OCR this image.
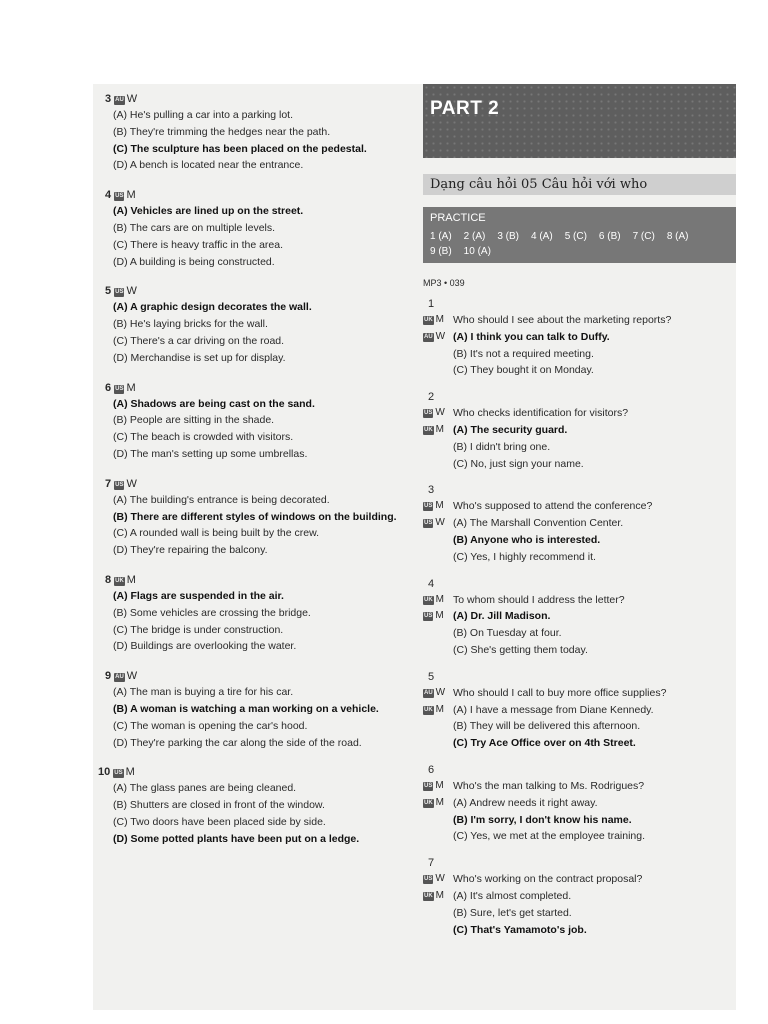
3 AU W
(A) He's pulling a car into a parking lot.
(B) They're trimming the hedges near the path.
(C) The sculpture has been placed on the pedestal.
(D) A bench is located near the entrance.
4 US M
(A) Vehicles are lined up on the street.
(B) The cars are on multiple levels.
(C) There is heavy traffic in the area.
(D) A building is being constructed.
5 US W
(A) A graphic design decorates the wall.
(B) He's laying bricks for the wall.
(C) There's a car driving on the road.
(D) Merchandise is set up for display.
6 US M
(A) Shadows are being cast on the sand.
(B) People are sitting in the shade.
(C) The beach is crowded with visitors.
(D) The man's setting up some umbrellas.
7 US W
(A) The building's entrance is being decorated.
(B) There are different styles of windows on the building.
(C) A rounded wall is being built by the crew.
(D) They're repairing the balcony.
8 UK M
(A) Flags are suspended in the air.
(B) Some vehicles are crossing the bridge.
(C) The bridge is under construction.
(D) Buildings are overlooking the water.
9 AU W
(A) The man is buying a tire for his car.
(B) A woman is watching a man working on a vehicle.
(C) The woman is opening the car's hood.
(D) They're parking the car along the side of the road.
10 US M
(A) The glass panes are being cleaned.
(B) Shutters are closed in front of the window.
(C) Two doors have been placed side by side.
(D) Some potted plants have been put on a ledge.
PART 2
Dạng câu hỏi 05 Câu hỏi với who
PRACTICE
1 (A) 2 (A) 3 (B) 4 (A) 5 (C) 6 (B) 7 (C) 8 (A)9 (B) 10 (A)
MP3 • 039
1
UK M Who should I see about the marketing reports?
AU W (A) I think you can talk to Duffy.
(B) It's not a required meeting.
(C) They bought it on Monday.
2
US W Who checks identification for visitors?
UK M (A) The security guard.
(B) I didn't bring one.
(C) No, just sign your name.
3
US M Who's supposed to attend the conference?
US W (A) The Marshall Convention Center.
(B) Anyone who is interested.
(C) Yes, I highly recommend it.
4
UK M To whom should I address the letter?
US M (A) Dr. Jill Madison.
(B) On Tuesday at four.
(C) She's getting them today.
5
AU W Who should I call to buy more office supplies?
UK M (A) I have a message from Diane Kennedy.
(B) They will be delivered this afternoon.
(C) Try Ace Office over on 4th Street.
6
US M Who's the man talking to Ms. Rodrigues?
UK M (A) Andrew needs it right away.
(B) I'm sorry, I don't know his name.
(C) Yes, we met at the employee training.
7
US W Who's working on the contract proposal?
UK M (A) It's almost completed.
(B) Sure, let's get started.
(C) That's Yamamoto's job.
